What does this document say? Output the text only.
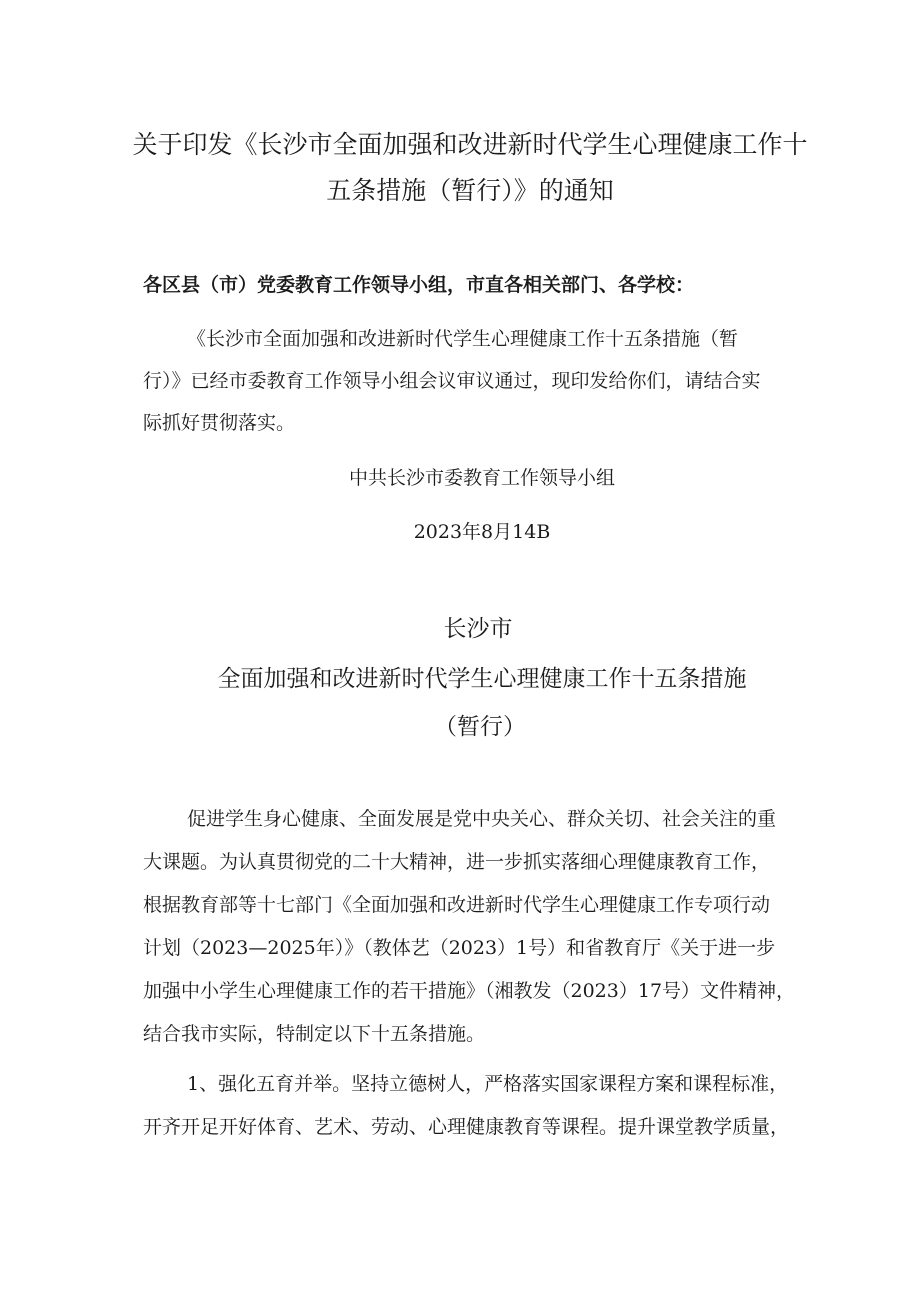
关于印发《长沙市全面加强和改进新时代学生心理健康工作十
五条措施（暂行）》的通知
各区县（市）党委教育工作领导小组，市直各相关部门、各学校：
《长沙市全面加强和改进新时代学生心理健康工作十五条措施（暂
行）》已经市委教育工作领导小组会议审议通过，现印发给你们，请结合实
际抓好贯彻落实。
中共长沙市委教育工作领导小组
2023年8月14B
长沙市
全面加强和改进新时代学生心理健康工作十五条措施
（暂行）
促进学生身心健康、全面发展是党中央关心、群众关切、社会关注的重
大课题。为认真贯彻党的二十大精神，进一步抓实落细心理健康教育工作，
根据教育部等十七部门《全面加强和改进新时代学生心理健康工作专项行动
计划（2023—2025年）》（教体艺（2023）1号）和省教育厅《关于进一步
加强中小学生心理健康工作的若干措施》（湘教发（2023）17号）文件精神，
结合我市实际，特制定以下十五条措施。
1、强化五育并举。坚持立德树人，严格落实国家课程方案和课程标准，
开齐开足开好体育、艺术、劳动、心理健康教育等课程。提升课堂教学质量，
